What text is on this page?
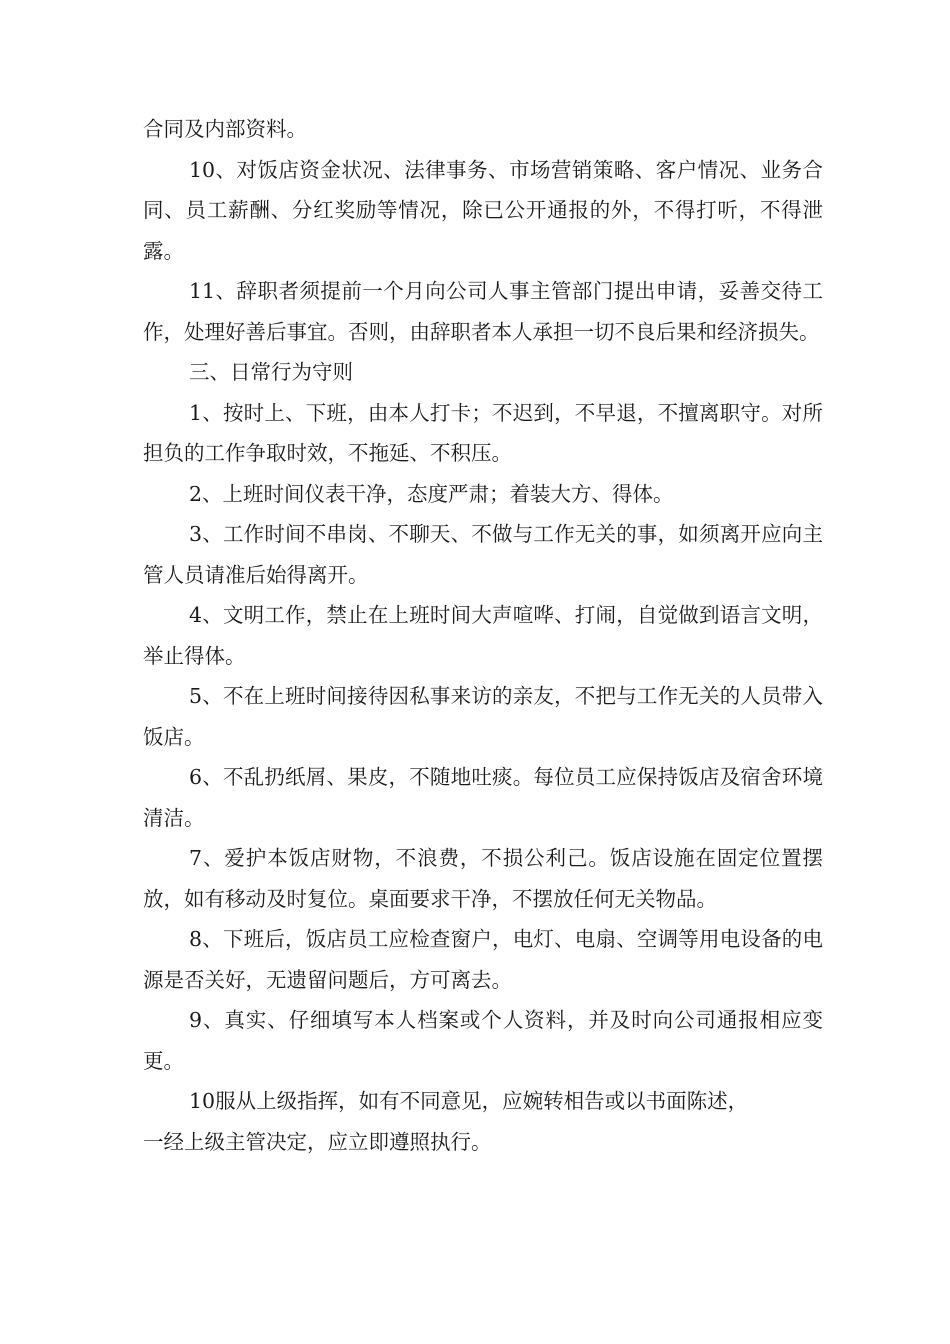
合同及内部资料。

10、对饭店资金状况、法律事务、市场营销策略、客户情况、业务合同、员工薪酬、分红奖励等情况，除已公开通报的外，不得打听，不得泄露。

11、辞职者须提前一个月向公司人事主管部门提出申请，妥善交待工作，处理好善后事宜。否则，由辞职者本人承担一切不良后果和经济损失。

三、日常行为守则

1、按时上、下班，由本人打卡；不迟到，不早退，不擅离职守。对所担负的工作争取时效，不拖延、不积压。

2、上班时间仪表干净，态度严肃；着装大方、得体。

3、工作时间不串岗、不聊天、不做与工作无关的事，如须离开应向主管人员请准后始得离开。

4、文明工作，禁止在上班时间大声喧哗、打闹，自觉做到语言文明，举止得体。

5、不在上班时间接待因私事来访的亲友，不把与工作无关的人员带入饭店。

6、不乱扔纸屑、果皮，不随地吐痰。每位员工应保持饭店及宿舍环境清洁。

7、爱护本饭店财物，不浪费，不损公利己。饭店设施在固定位置摆放，如有移动及时复位。桌面要求干净，不摆放任何无关物品。

8、下班后，饭店员工应检查窗户，电灯、电扇、空调等用电设备的电源是否关好，无遗留问题后，方可离去。

9、真实、仔细填写本人档案或个人资料，并及时向公司通报相应变更。

10服从上级指挥，如有不同意见，应婉转相告或以书面陈述，

一经上级主管决定，应立即遵照执行。
